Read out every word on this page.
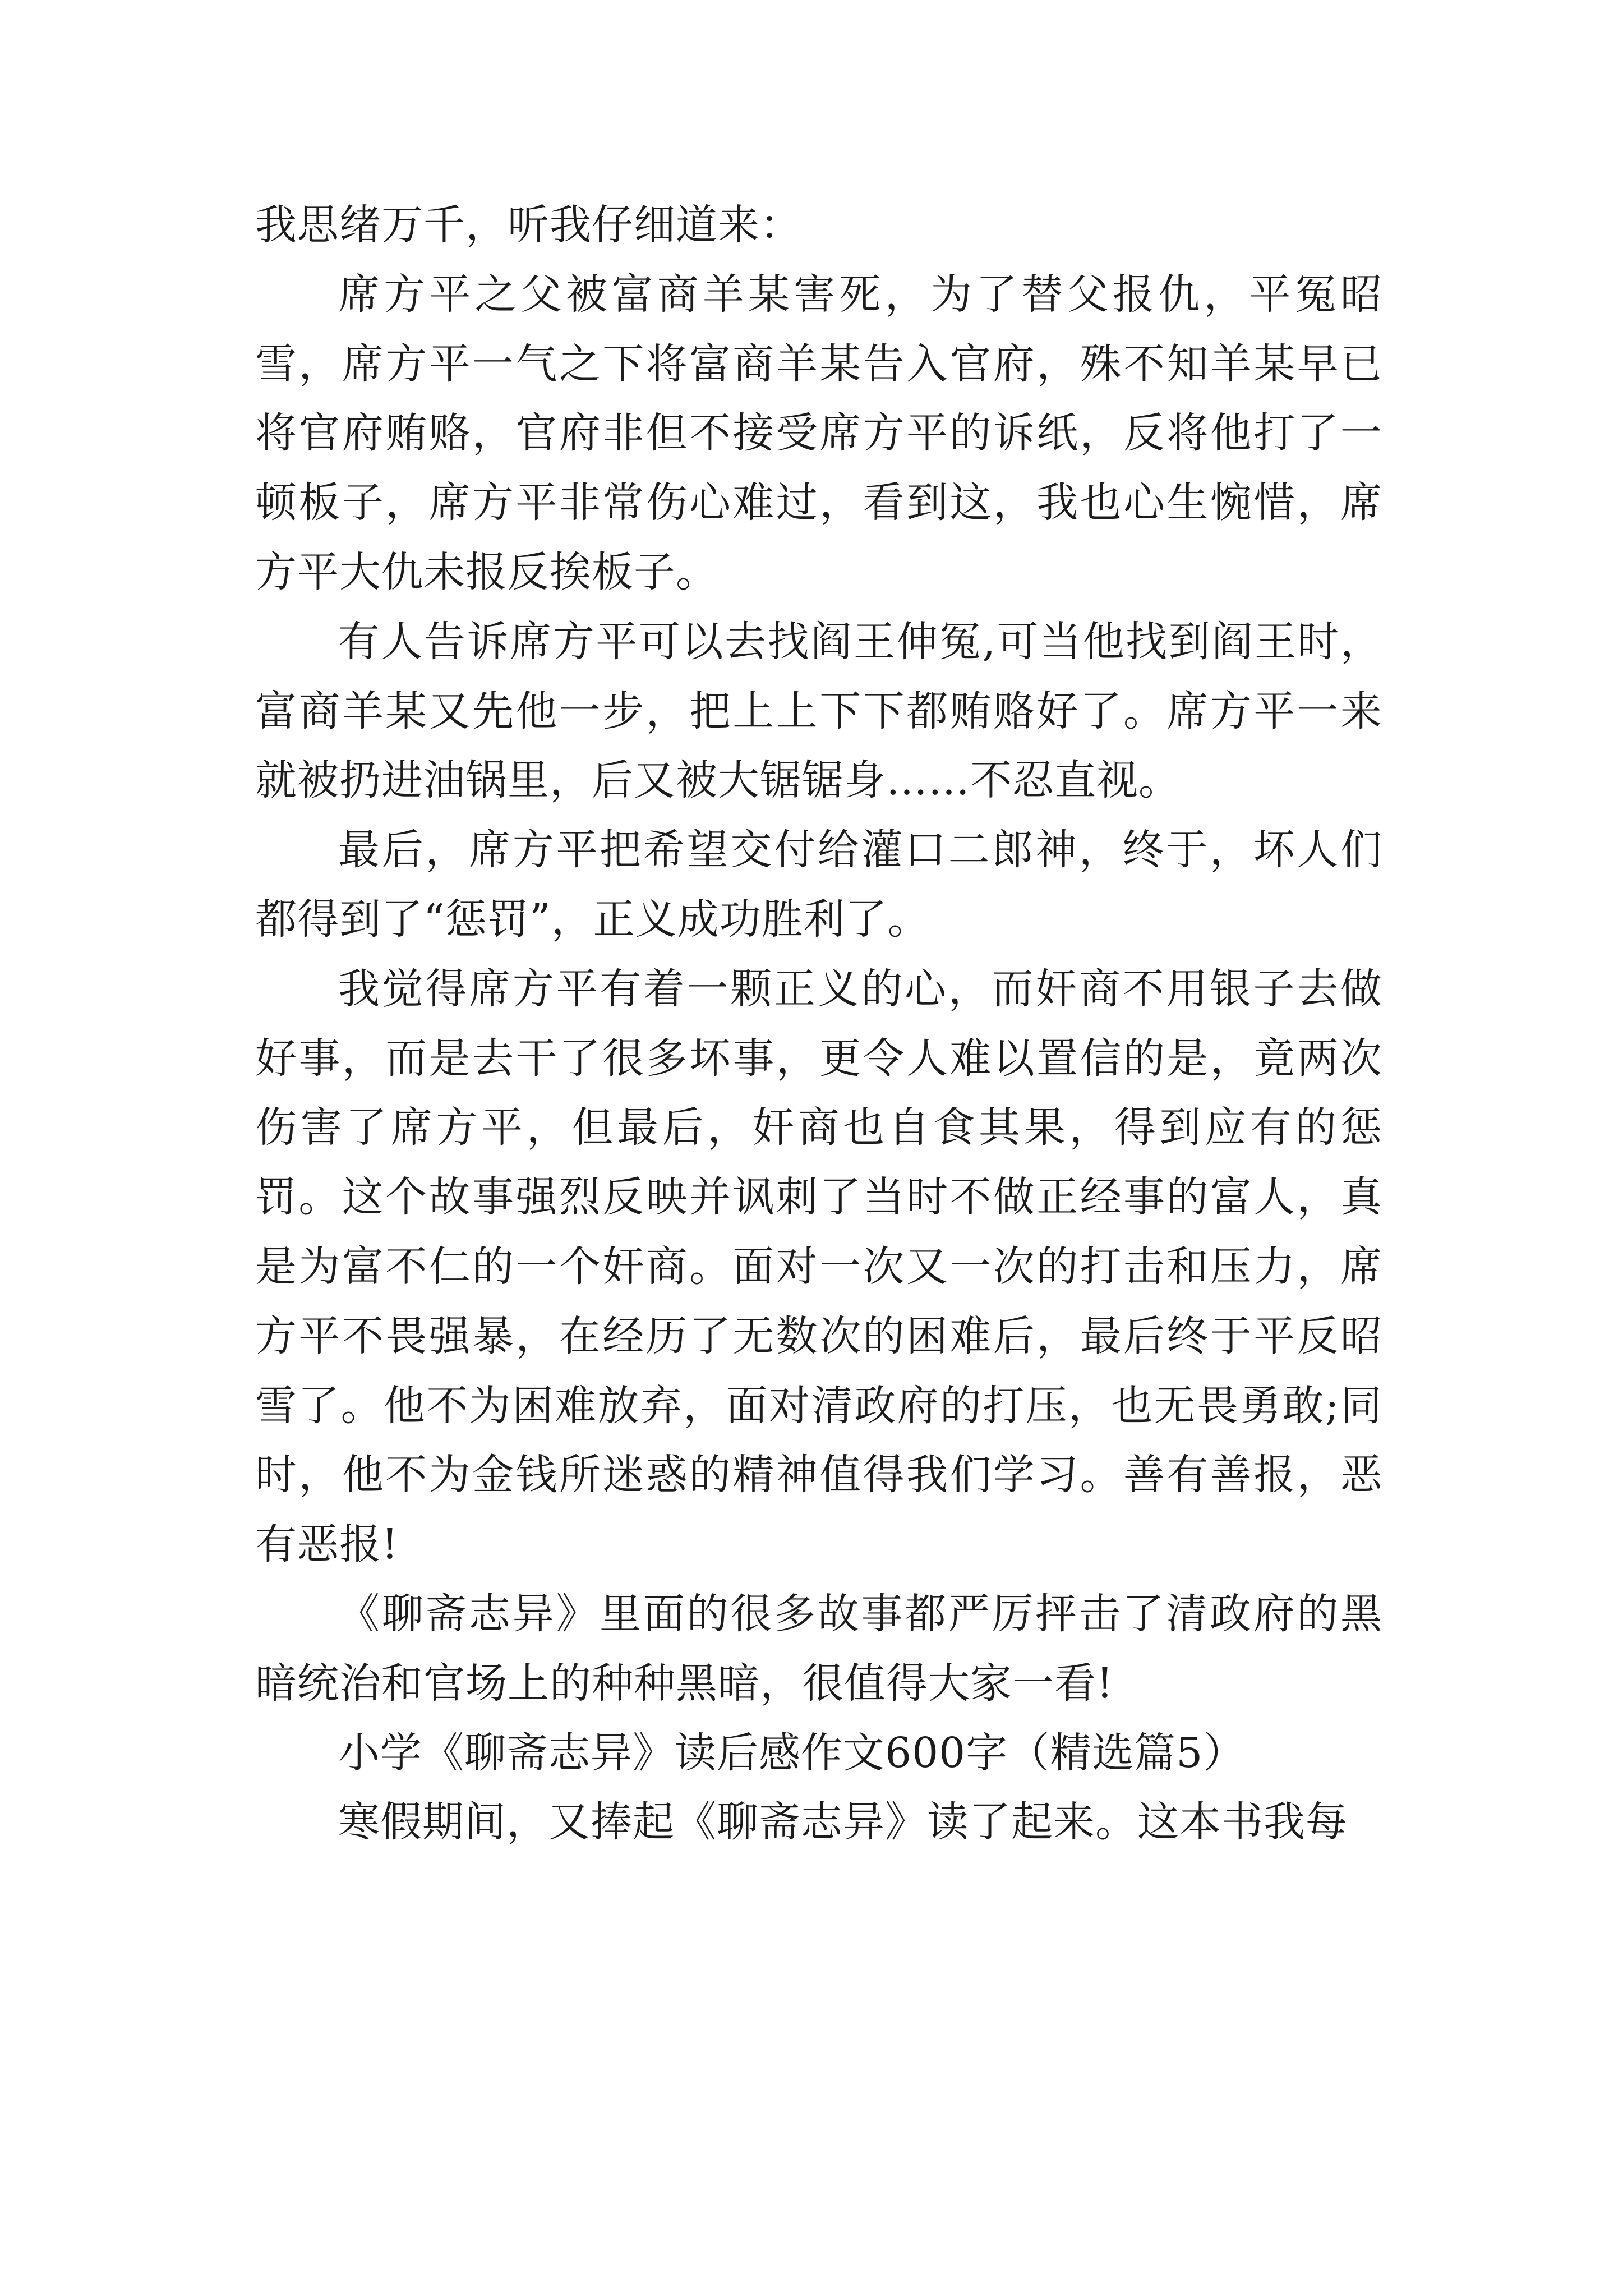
我思绪万千，听我仔细道来：

席方平之父被富商羊某害死，为了替父报仇，平冤昭雪，席方平一气之下将富商羊某告入官府，殊不知羊某早已将官府贿赂，官府非但不接受席方平的诉纸，反将他打了一顿板子，席方平非常伤心难过，看到这，我也心生惋惜，席方平大仇未报反挨板子。

有人告诉席方平可以去找阎王伸冤,可当他找到阎王时，富商羊某又先他一步，把上上下下都贿赂好了。席方平一来就被扔进油锅里，后又被大锯锯身……不忍直视。

最后，席方平把希望交付给灌口二郎神，终于，坏人们都得到了“惩罚”，正义成功胜利了。

我觉得席方平有着一颗正义的心，而奸商不用银子去做好事，而是去干了很多坏事，更令人难以置信的是，竟两次伤害了席方平，但最后，奸商也自食其果，得到应有的惩罚。这个故事强烈反映并讽刺了当时不做正经事的富人，真是为富不仁的一个奸商。面对一次又一次的打击和压力，席方平不畏强暴，在经历了无数次的困难后，最后终于平反昭雪了。他不为困难放弃，面对清政府的打压，也无畏勇敢;同时，他不为金钱所迷惑的精神值得我们学习。善有善报，恶有恶报!

《聊斋志异》里面的很多故事都严厉抨击了清政府的黑暗统治和官场上的种种黑暗，很值得大家一看!

小学《聊斋志异》读后感作文600字（精选篇5）

寒假期间，又捧起《聊斋志异》读了起来。这本书我每
